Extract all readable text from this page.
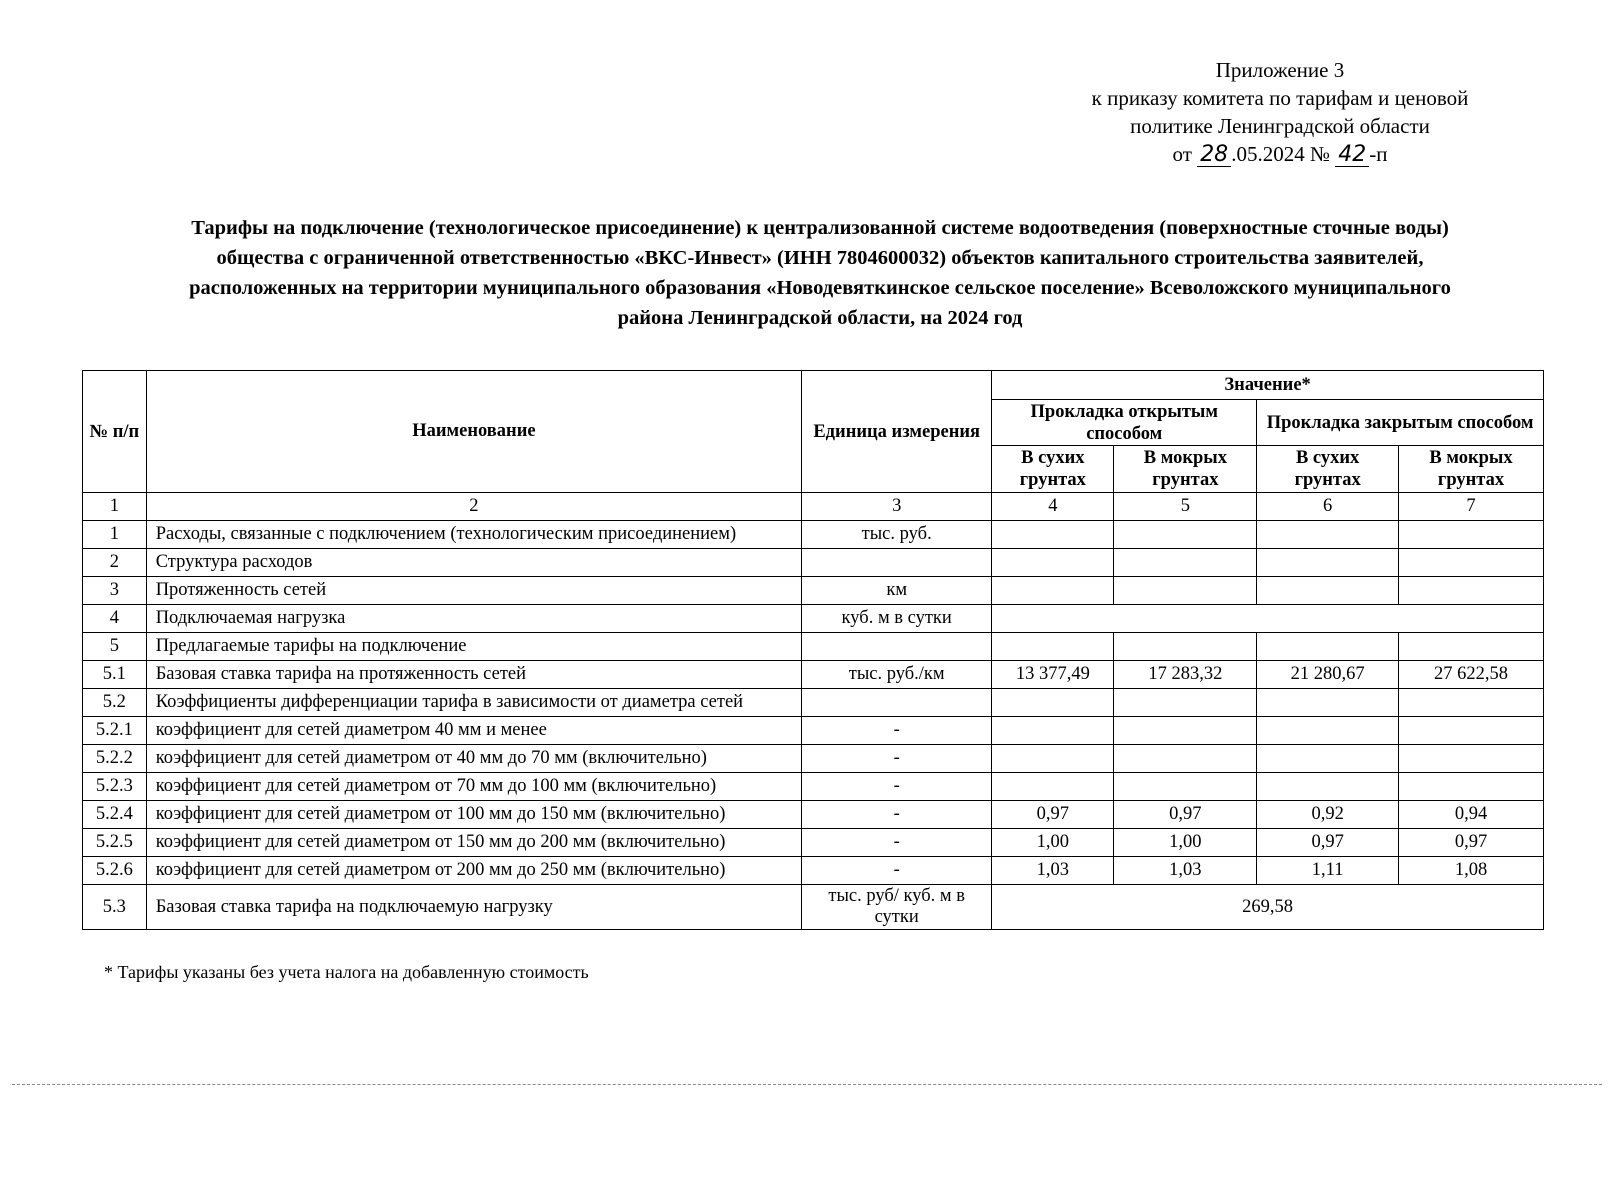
Приложение 3
к приказу комитета по тарифам и ценовой
политике Ленинградской области
от 28 .05.2024 № 42 -п
Тарифы на подключение (технологическое присоединение) к централизованной системе водоотведения (поверхностные сточные воды)
общества с ограниченной ответственностью «ВКС-Инвест» (ИНН 7804600032) объектов капитального строительства заявителей,
расположенных на территории муниципального образования «Новодевяткинское сельское поселение» Всеволожского муниципального
района Ленинградской области, на 2024 год
№ п/п	Наименование	Единица измерения	Значение*			
			Прокладка открытым способом		Прокладка закрытым способом	
			В сухих грунтах	В мокрых грунтах	В сухих грунтах	В мокрых грунтах
1	2	3	4	5	6	7
1	Расходы, связанные с подключением (технологическим присоединением)	тыс. руб.				
2	Структура расходов					
3	Протяженность сетей	км				
4	Подключаемая нагрузка	куб. м в сутки				
5	Предлагаемые тарифы на подключение					
5.1	Базовая ставка тарифа на протяженность сетей	тыс. руб./км	13 377,49	17 283,32	21 280,67	27 622,58
5.2	Коэффициенты дифференциации тарифа в зависимости от диаметра сетей					
5.2.1	коэффициент для сетей диаметром 40 мм и менее	-				
5.2.2	коэффициент для сетей диаметром от 40 мм до 70 мм (включительно)	-				
5.2.3	коэффициент для сетей диаметром от 70 мм до 100 мм (включительно)	-				
5.2.4	коэффициент для сетей диаметром от 100 мм до 150 мм (включительно)	-	0,97	0,97	0,92	0,94
5.2.5	коэффициент для сетей диаметром от 150 мм до 200 мм (включительно)	-	1,00	1,00	0,97	0,97
5.2.6	коэффициент для сетей диаметром от 200 мм до 250 мм (включительно)	-	1,03	1,03	1,11	1,08
5.3	Базовая ставка тарифа на подключаемую нагрузку	тыс. руб/ куб. м в сутки	269,58			
* Тарифы указаны без учета налога на добавленную стоимость
